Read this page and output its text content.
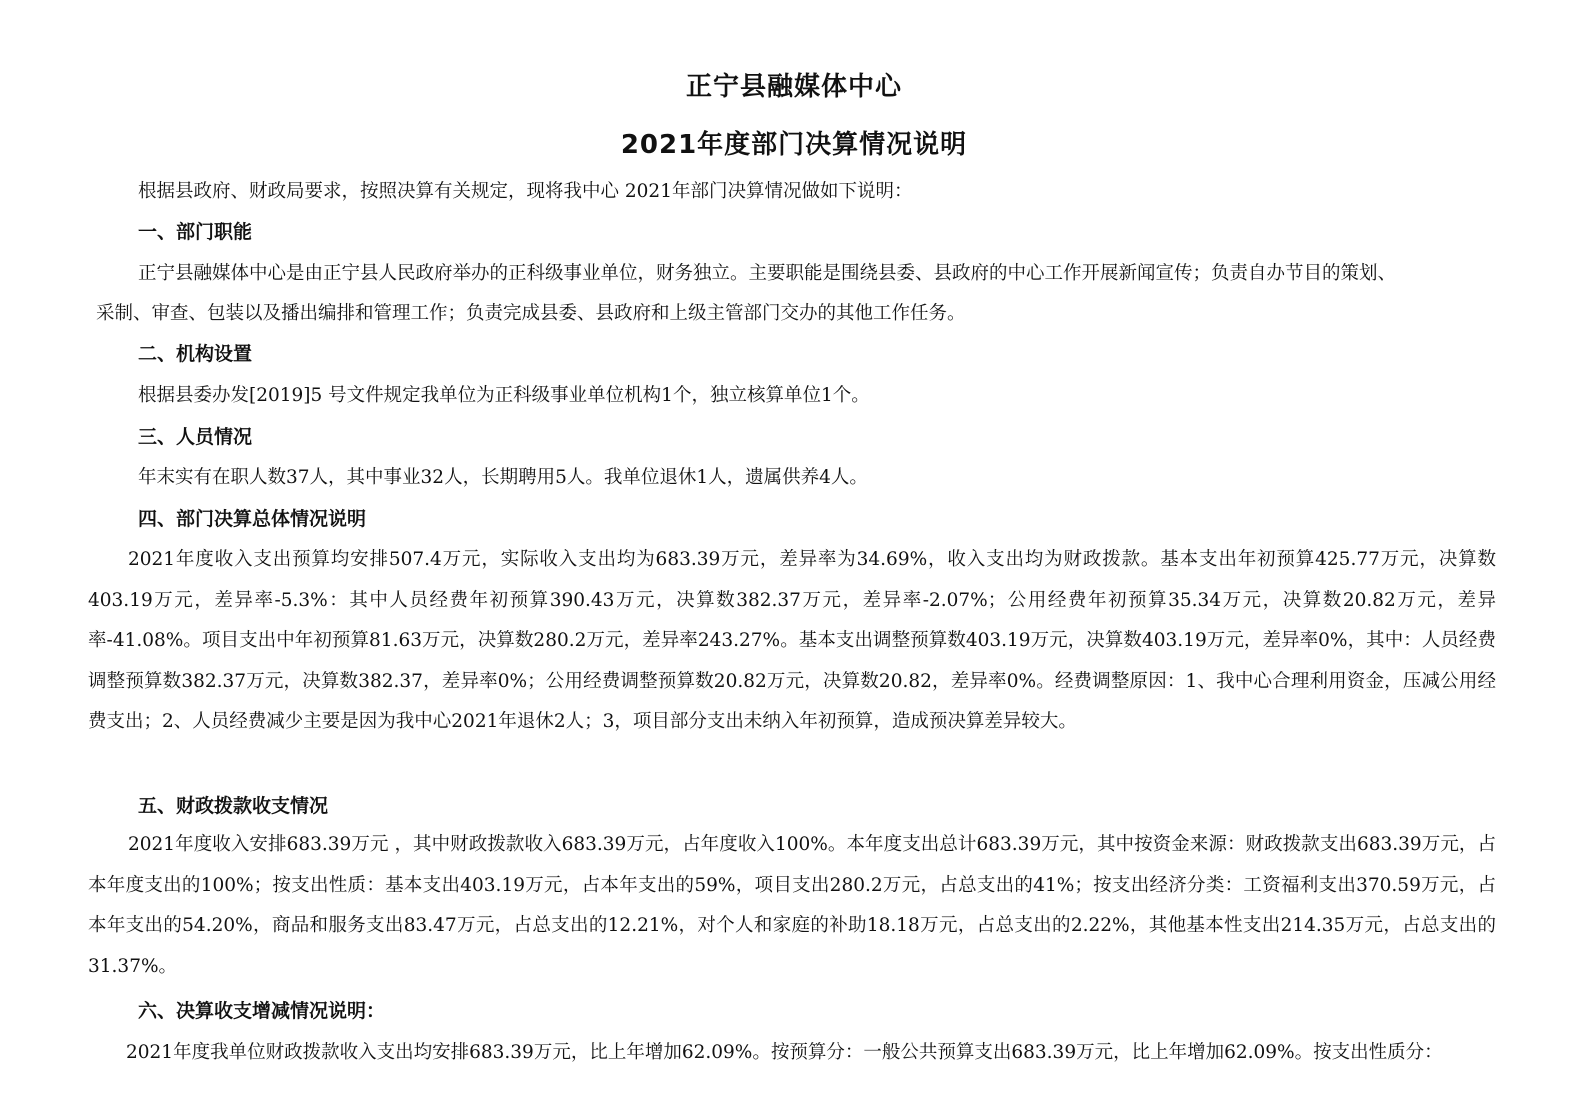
正宁县融媒体中心
2021年度部门决算情况说明

根据县政府、财政局要求，按照决算有关规定，现将我中心 2021年部门决算情况做如下说明：

一、部门职能

正宁县融媒体中心是由正宁县人民政府举办的正科级事业单位，财务独立。主要职能是围绕县委、县政府的中心工作开展新闻宣传；负责自办节目的策划、

采制、审查、包装以及播出编排和管理工作；负责完成县委、县政府和上级主管部门交办的其他工作任务。

二、机构设置

根据县委办发[2019]5 号文件规定我单位为正科级事业单位机构1个，独立核算单位1个。

三、人员情况

年末实有在职人数37人，其中事业32人，长期聘用5人。我单位退休1人，遗属供养4人。

四、部门决算总体情况说明

2021年度收入支出预算均安排507.4万元，实际收入支出均为683.39万元，差异率为34.69%，收入支出均为财政拨款。基本支出年初预算425.77万元，决算数403.19万元，差异率-5.3%：其中人员经费年初预算390.43万元，决算数382.37万元，差异率-2.07%；公用经费年初预算35.34万元，决算数20.82万元，差异率-41.08%。项目支出中年初预算81.63万元，决算数280.2万元，差异率243.27%。基本支出调整预算数403.19万元，决算数403.19万元，差异率0%，其中：人员经费调整预算数382.37万元，决算数382.37，差异率0%；公用经费调整预算数20.82万元，决算数20.82，差异率0%。经费调整原因：1、我中心合理利用资金，压减公用经费支出；2、人员经费减少主要是因为我中心2021年退休2人；3，项目部分支出未纳入年初预算，造成预决算差异较大。

五、财政拨款收支情况

2021年度收入安排683.39万元 ，其中财政拨款收入683.39万元，占年度收入100%。本年度支出总计683.39万元，其中按资金来源：财政拨款支出683.39万元，占本年度支出的100%；按支出性质：基本支出403.19万元，占本年支出的59%，项目支出280.2万元，占总支出的41%；按支出经济分类：工资福利支出370.59万元，占本年支出的54.20%，商品和服务支出83.47万元，占总支出的12.21%，对个人和家庭的补助18.18万元，占总支出的2.22%，其他基本性支出214.35万元，占总支出的31.37%。

六、决算收支增减情况说明：

2021年度我单位财政拨款收入支出均安排683.39万元，比上年增加62.09%。按预算分：一般公共预算支出683.39万元，比上年增加62.09%。按支出性质分：
